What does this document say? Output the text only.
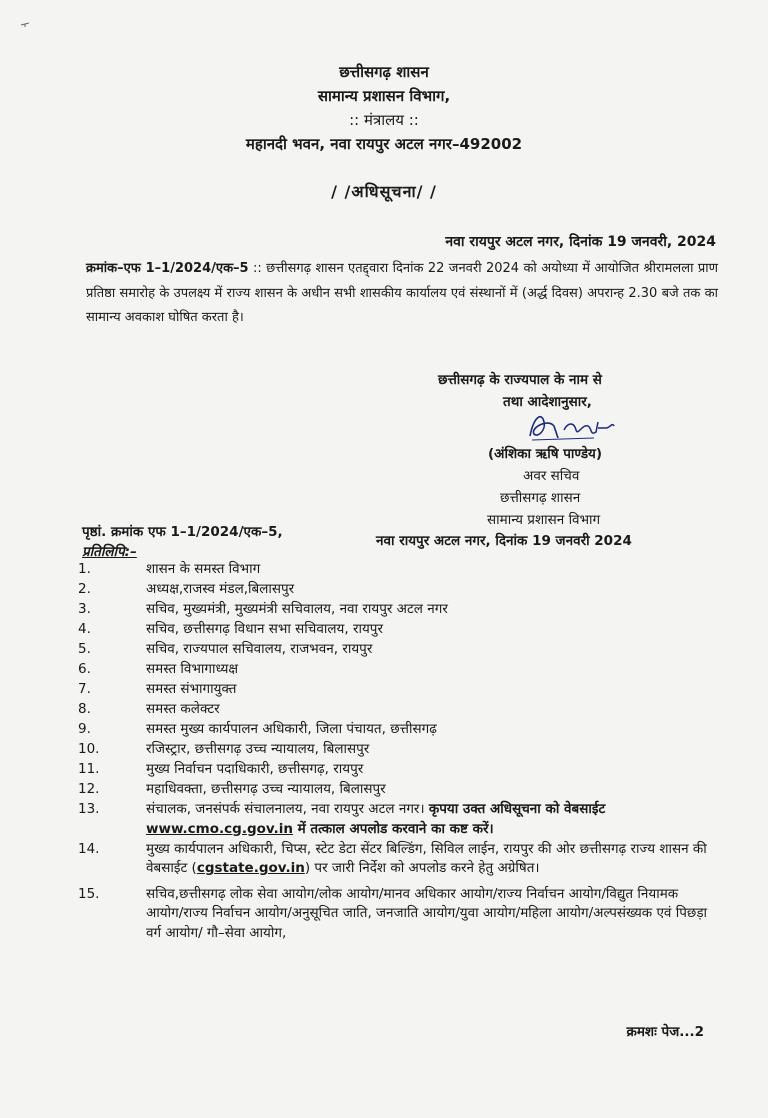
छत्तीसगढ़ शासन
सामान्य प्रशासन विभाग,
:: मंत्रालय ::
महानदी भवन, नवा रायपुर अटल नगर–492002
/ /अधिसूचना/ /
नवा रायपुर अटल नगर, दिनांक 19 जनवरी, 2024
क्रमांक–एफ 1–1/2024/एक–5 :: छत्तीसगढ़ शासन एतद्द्वारा दिनांक 22 जनवरी 2024 को अयोध्या में आयोजित श्रीरामलला प्राण प्रतिष्ठा समारोह के उपलक्ष्य में राज्य शासन के अधीन सभी शासकीय कार्यालय एवं संस्थानों में (अर्द्ध दिवस) अपरान्ह 2.30 बजे तक का सामान्य अवकाश घोषित करता है।
छत्तीसगढ़ के राज्यपाल के नाम से
तथा आदेशानुसार,
(अंशिका ऋषि पाण्डेय)
अवर सचिव
छत्तीसगढ़ शासन
सामान्य प्रशासन विभाग
पृष्ठां. क्रमांक एफ 1–1/2024/एक–5,
नवा रायपुर अटल नगर, दिनांक 19 जनवरी 2024
प्रतिलिपि:–
1.	शासन के समस्त विभाग
2.	अध्यक्ष,राजस्व मंडल,बिलासपुर
3.	सचिव, मुख्यमंत्री, मुख्यमंत्री सचिवालय, नवा रायपुर अटल नगर
4.	सचिव, छत्तीसगढ़ विधान सभा सचिवालय, रायपुर
5.	सचिव, राज्यपाल सचिवालय, राजभवन, रायपुर
6.	समस्त विभागाध्यक्ष
7.	समस्त संभागायुक्त
8.	समस्त कलेक्टर
9.	समस्त मुख्य कार्यपालन अधिकारी, जिला पंचायत, छत्तीसगढ़
10.	रजिस्ट्रार, छत्तीसगढ़ उच्च न्यायालय, बिलासपुर
11.	मुख्य निर्वाचन पदाधिकारी, छत्तीसगढ़, रायपुर
12.	महाधिवक्ता, छत्तीसगढ़ उच्च न्यायालय, बिलासपुर
13.	संचालक, जनसंपर्क संचालनालय, नवा रायपुर अटल नगर। कृपया उक्त अधिसूचना को वेबसाईट www.cmo.cg.gov.in में तत्काल अपलोड करवाने का कष्ट करें।
14.	मुख्य कार्यपालन अधिकारी, चिप्स, स्टेट डेटा सेंटर बिल्डिंग, सिविल लाईन, रायपुर की ओर छत्तीसगढ़ राज्य शासन की वेबसाईट (cgstate.gov.in) पर जारी निर्देश को अपलोड करने हेतु अग्रेषित।
15.	सचिव,छत्तीसगढ़ लोक सेवा आयोग/लोक आयोग/मानव अधिकार आयोग/राज्य निर्वाचन आयोग/विद्युत नियामक आयोग/राज्य निर्वाचन आयोग/अनुसूचित जाति, जनजाति आयोग/युवा आयोग/महिला आयोग/अल्पसंख्यक एवं पिछड़ा वर्ग आयोग/ गौ–सेवा आयोग,
क्रमशः पेज...2
